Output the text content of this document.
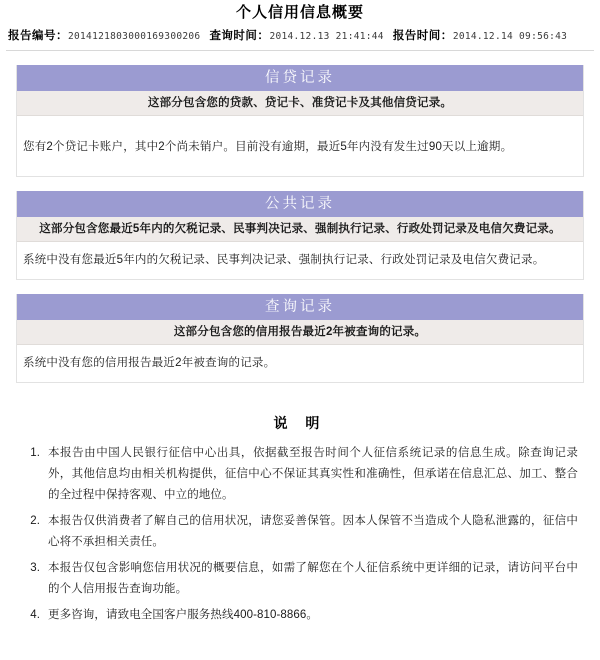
个人信用信息概要
报告编号：2014121803000169300206 查询时间：2014.12.13 21:41:44 报告时间：2014.12.14 09:56:43
信贷记录
这部分包含您的贷款、贷记卡、准贷记卡及其他信贷记录。
您有2个贷记卡账户，其中2个尚未销户。目前没有逾期，最近5年内没有发生过90天以上逾期。
公共记录
这部分包含您最近5年内的欠税记录、民事判决记录、强制执行记录、行政处罚记录及电信欠费记录。
系统中没有您最近5年内的欠税记录、民事判决记录、强制执行记录、行政处罚记录及电信欠费记录。
查询记录
这部分包含您的信用报告最近2年被查询的记录。
系统中没有您的信用报告最近2年被查询的记录。
说 明
1. 本报告由中国人民银行征信中心出具，依据截至报告时间个人征信系统记录的信息生成。除查询记录外，其他信息均由相关机构提供，征信中心不保证其真实性和准确性，但承诺在信息汇总、加工、整合的全过程中保持客观、中立的地位。
2. 本报告仅供消费者了解自己的信用状况，请您妥善保管。因本人保管不当造成个人隐私泄露的，征信中心将不承担相关责任。
3. 本报告仅包含影响您信用状况的概要信息，如需了解您在个人征信系统中更详细的记录，请访问平台中的个人信用报告查询功能。
4. 更多咨询，请致电全国客户服务热线400-810-8866。
